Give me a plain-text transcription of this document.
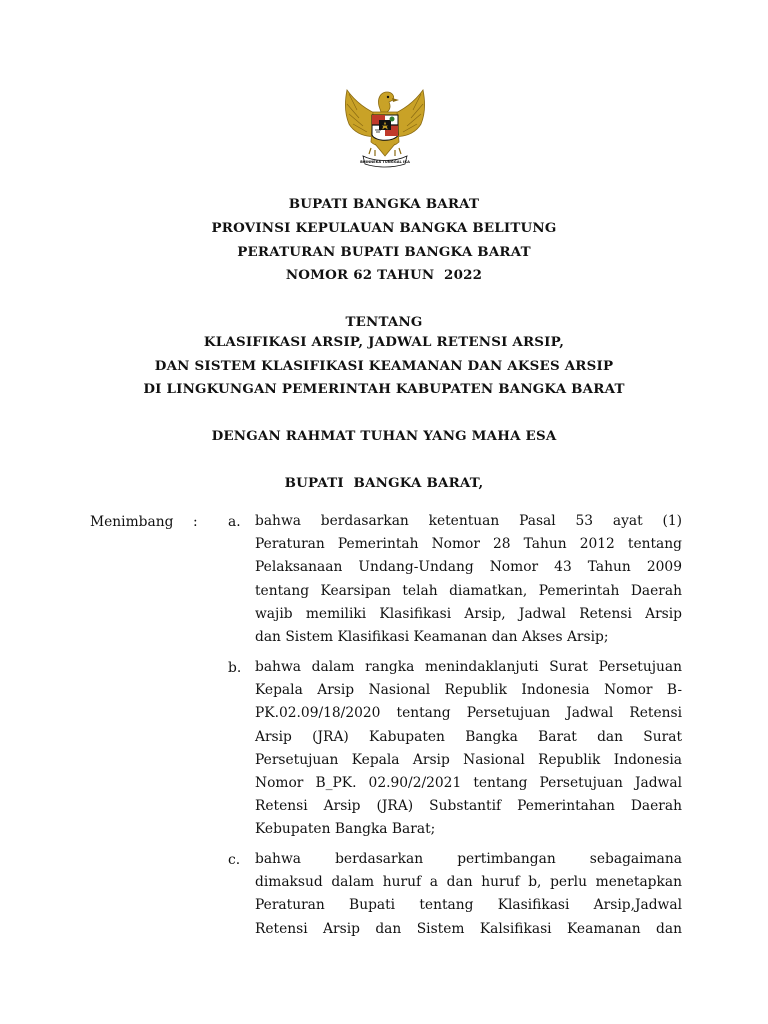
BHINNEKA TUNGGAL IKA
BUPATI BANGKA BARAT
PROVINSI KEPULAUAN BANGKA BELITUNG
PERATURAN BUPATI BANGKA BARAT
NOMOR 62 TAHUN  2022
TENTANG
KLASIFIKASI ARSIP, JADWAL RETENSI ARSIP,
DAN SISTEM KLASIFIKASI KEAMANAN DAN AKSES ARSIP
DI LINGKUNGAN PEMERINTAH KABUPATEN BANGKA BARAT
DENGAN RAHMAT TUHAN YANG MAHA ESA
BUPATI  BANGKA BARAT,
Menimbang : a. bahwa berdasarkan ketentuan Pasal 53 ayat (1)
Peraturan Pemerintah Nomor 28 Tahun 2012 tentang
Pelaksanaan Undang-Undang Nomor 43 Tahun 2009
tentang Kearsipan telah diamatkan, Pemerintah Daerah
wajib memiliki Klasifikasi Arsip, Jadwal Retensi Arsip
dan Sistem Klasifikasi Keamanan dan Akses Arsip;
b. bahwa dalam rangka menindaklanjuti Surat Persetujuan
Kepala Arsip Nasional Republik Indonesia Nomor B-
PK.02.09/18/2020 tentang Persetujuan Jadwal Retensi
Arsip (JRA) Kabupaten Bangka Barat dan Surat
Persetujuan Kepala Arsip Nasional Republik Indonesia
Nomor B_PK. 02.90/2/2021 tentang Persetujuan Jadwal
Retensi Arsip (JRA) Substantif Pemerintahan Daerah
Kebupaten Bangka Barat;
c. bahwa berdasarkan pertimbangan sebagaimana
dimaksud dalam huruf a dan huruf b, perlu menetapkan
Peraturan Bupati tentang Klasifikasi Arsip,Jadwal
Retensi Arsip dan Sistem Kalsifikasi Keamanan dan
